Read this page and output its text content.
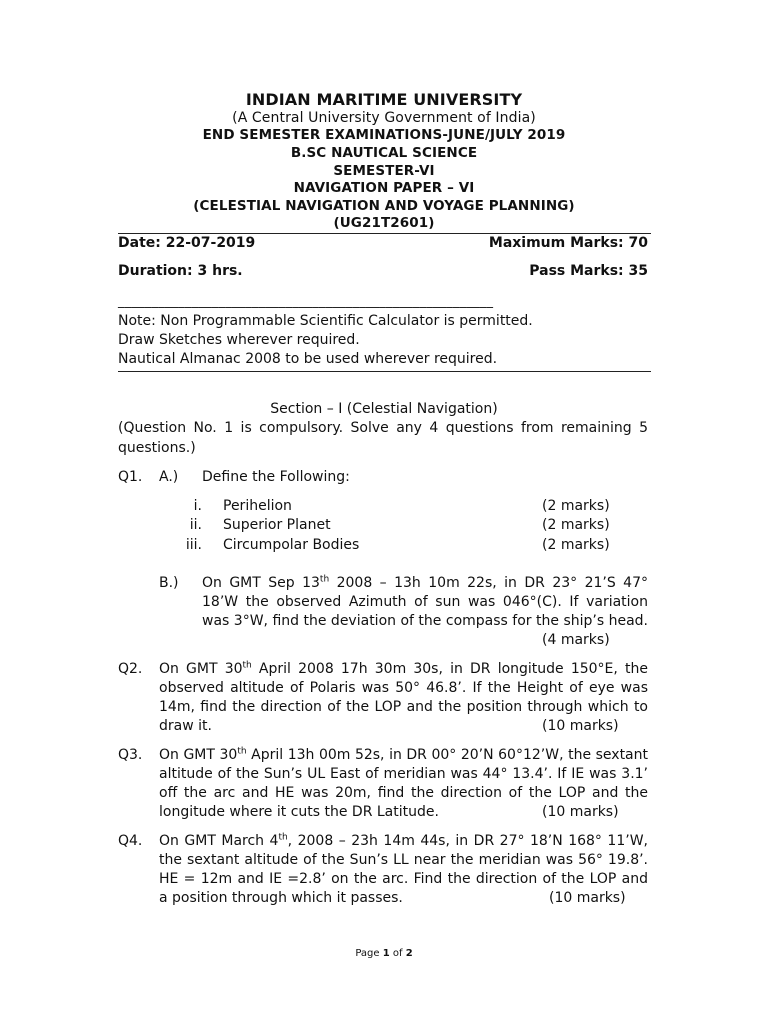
INDIAN MARITIME UNIVERSITY
(A Central University Government of India)
END SEMESTER EXAMINATIONS-JUNE/JULY 2019
B.SC NAUTICAL SCIENCE
SEMESTER-VI
NAVIGATION PAPER – VI
(CELESTIAL NAVIGATION AND VOYAGE PLANNING)
(UG21T2601)
Date: 22-07-2019	Maximum Marks: 70
Duration: 3 hrs.	Pass Marks: 35
________________________________________________________
Note: Non Programmable Scientific Calculator is permitted.
Draw Sketches wherever required.
Nautical Almanac 2008 to be used wherever required.
Section – I (Celestial Navigation)
(Question No. 1 is compulsory. Solve any 4 questions from remaining 5
questions.)
Q1. A.) Define the Following:
i. Perihelion	(2 marks)
ii. Superior Planet	(2 marks)
iii. Circumpolar Bodies	(2 marks)
B.) On GMT Sep 13th 2008 – 13h 10m 22s, in DR 23° 21’S 47°
18’W the observed Azimuth of sun was 046°(C). If variation
was 3°W, find the deviation of the compass for the ship’s head.
(4 marks)
Q2. On GMT 30th April 2008 17h 30m 30s, in DR longitude 150°E, the
observed altitude of Polaris was 50° 46.8’. If the Height of eye was
14m, find the direction of the LOP and the position through which to
draw it.	(10 marks)
Q3. On GMT 30th April 13h 00m 52s, in DR 00° 20’N 60°12’W, the sextant
altitude of the Sun’s UL East of meridian was 44° 13.4’. If IE was 3.1’
off the arc and HE was 20m, find the direction of the LOP and the
longitude where it cuts the DR Latitude.	(10 marks)
Q4. On GMT March 4th, 2008 – 23h 14m 44s, in DR 27° 18’N 168° 11’W,
the sextant altitude of the Sun’s LL near the meridian was 56° 19.8’.
HE = 12m and IE =2.8’ on the arc. Find the direction of the LOP and
a position through which it passes.	(10 marks)
Page 1 of 2
